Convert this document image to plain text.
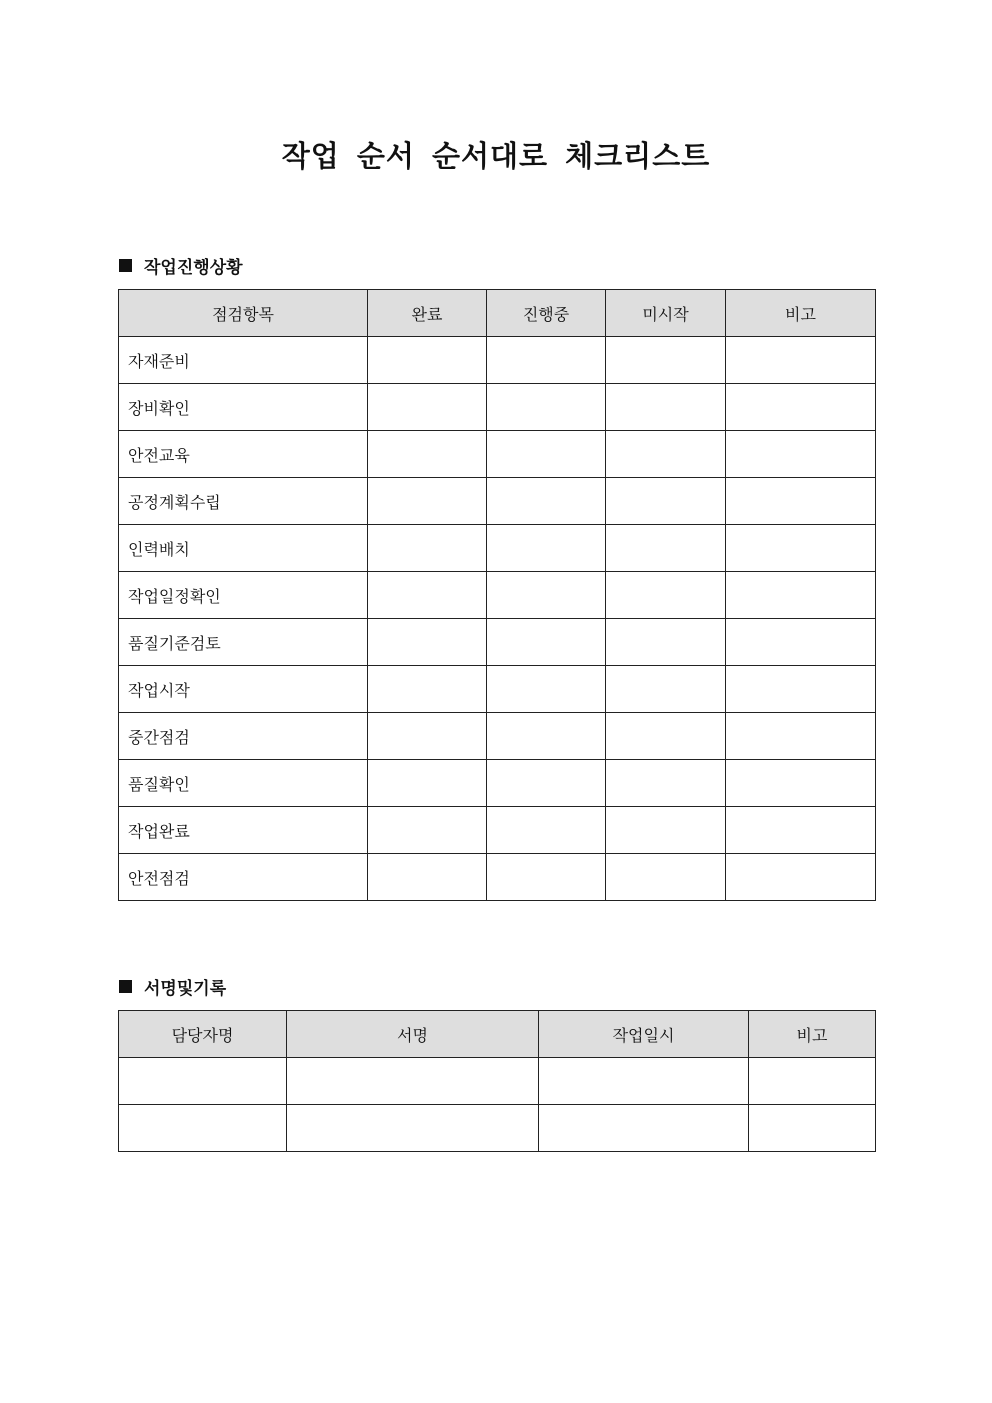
작업 순서 순서대로 체크리스트
작업진행상황
점검항목	완료	진행중	미시작	비고
자재준비				
장비확인				
안전교육				
공정계획수립				
인력배치				
작업일정확인				
품질기준검토				
작업시작				
중간점검				
품질확인				
작업완료				
안전점검				
서명및기록
담당자명	서명	작업일시	비고
